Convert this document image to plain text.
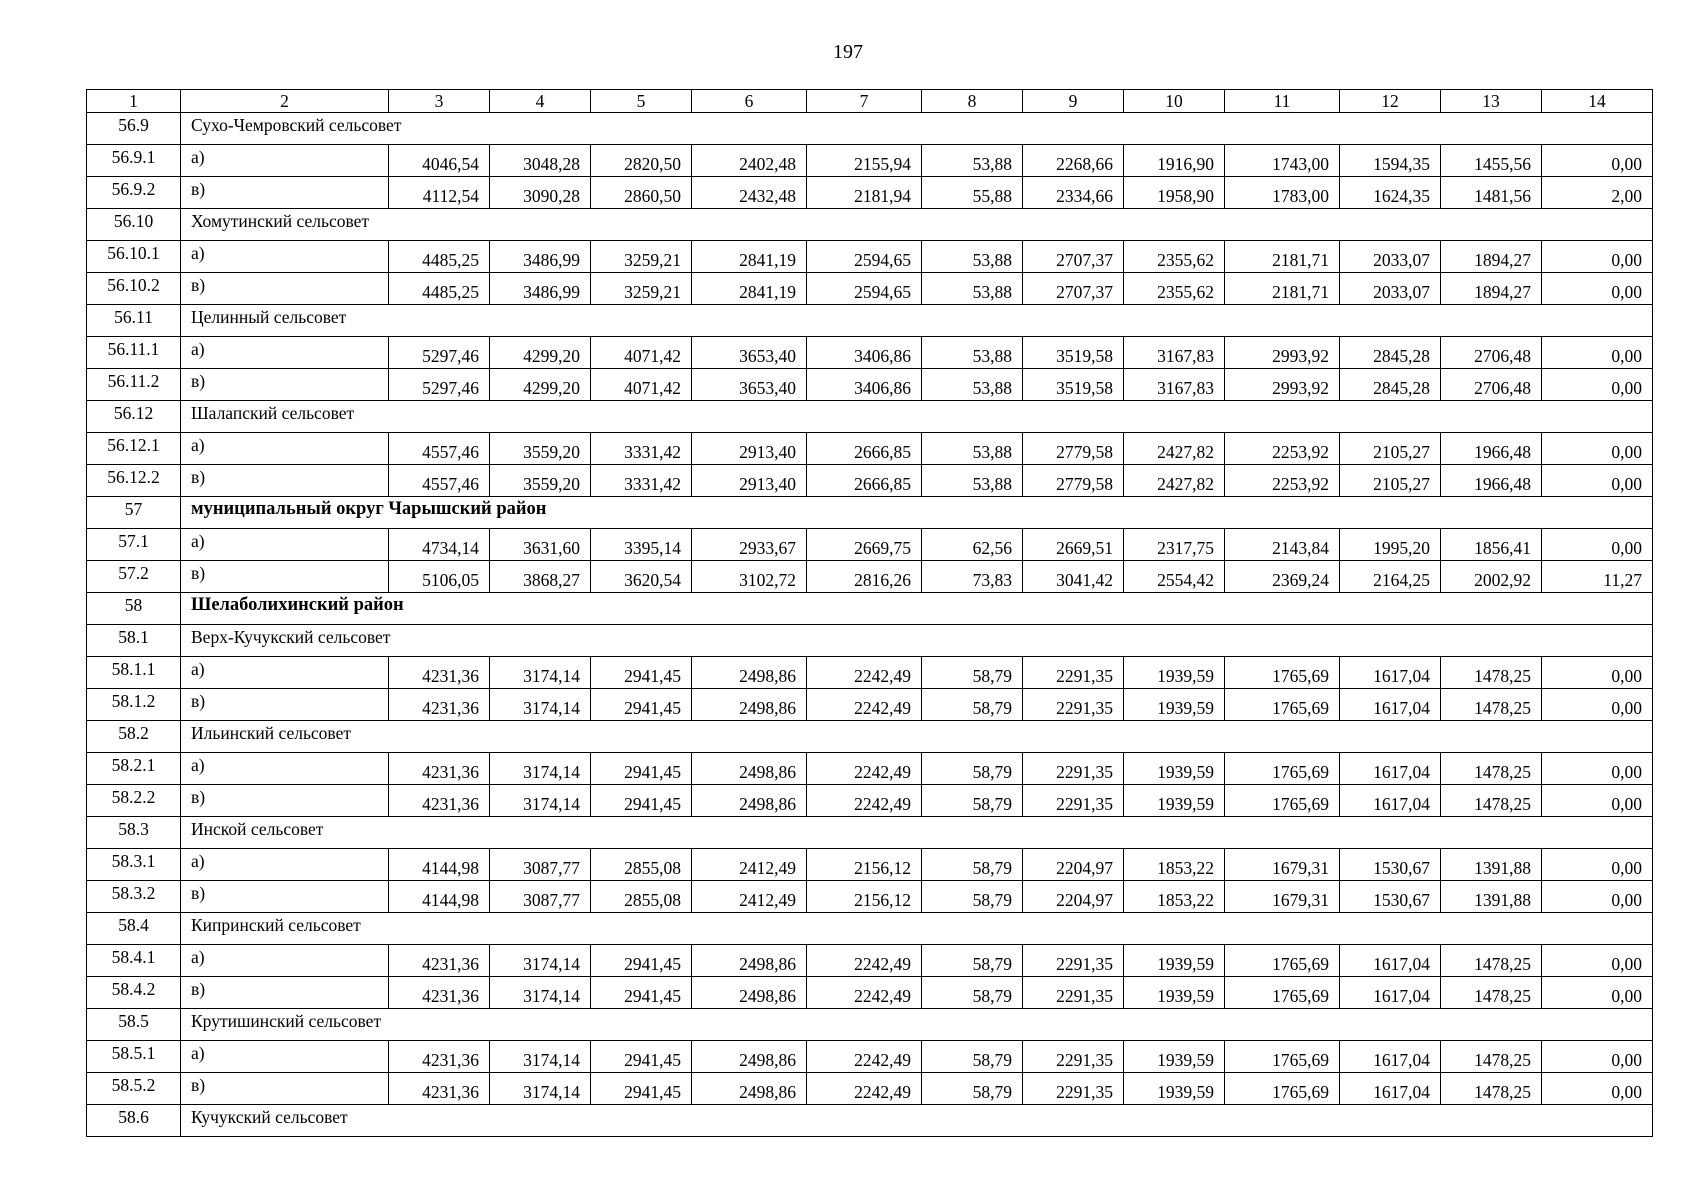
197
1	2	3	4	5	6	7	8	9	10	11	12	13	14
56.9	Сухо-Чемровский сельсовет												
56.9.1	а)	4046,54	3048,28	2820,50	2402,48	2155,94	53,88	2268,66	1916,90	1743,00	1594,35	1455,56	0,00
56.9.2	в)	4112,54	3090,28	2860,50	2432,48	2181,94	55,88	2334,66	1958,90	1783,00	1624,35	1481,56	2,00
56.10	Хомутинский сельсовет												
56.10.1	а)	4485,25	3486,99	3259,21	2841,19	2594,65	53,88	2707,37	2355,62	2181,71	2033,07	1894,27	0,00
56.10.2	в)	4485,25	3486,99	3259,21	2841,19	2594,65	53,88	2707,37	2355,62	2181,71	2033,07	1894,27	0,00
56.11	Целинный сельсовет												
56.11.1	а)	5297,46	4299,20	4071,42	3653,40	3406,86	53,88	3519,58	3167,83	2993,92	2845,28	2706,48	0,00
56.11.2	в)	5297,46	4299,20	4071,42	3653,40	3406,86	53,88	3519,58	3167,83	2993,92	2845,28	2706,48	0,00
56.12	Шалапский сельсовет												
56.12.1	а)	4557,46	3559,20	3331,42	2913,40	2666,85	53,88	2779,58	2427,82	2253,92	2105,27	1966,48	0,00
56.12.2	в)	4557,46	3559,20	3331,42	2913,40	2666,85	53,88	2779,58	2427,82	2253,92	2105,27	1966,48	0,00
57	муниципальный округ Чарышский район												
57.1	а)	4734,14	3631,60	3395,14	2933,67	2669,75	62,56	2669,51	2317,75	2143,84	1995,20	1856,41	0,00
57.2	в)	5106,05	3868,27	3620,54	3102,72	2816,26	73,83	3041,42	2554,42	2369,24	2164,25	2002,92	11,27
58	Шелаболихинский район												
58.1	Верх-Кучукский сельсовет												
58.1.1	а)	4231,36	3174,14	2941,45	2498,86	2242,49	58,79	2291,35	1939,59	1765,69	1617,04	1478,25	0,00
58.1.2	в)	4231,36	3174,14	2941,45	2498,86	2242,49	58,79	2291,35	1939,59	1765,69	1617,04	1478,25	0,00
58.2	Ильинский сельсовет												
58.2.1	а)	4231,36	3174,14	2941,45	2498,86	2242,49	58,79	2291,35	1939,59	1765,69	1617,04	1478,25	0,00
58.2.2	в)	4231,36	3174,14	2941,45	2498,86	2242,49	58,79	2291,35	1939,59	1765,69	1617,04	1478,25	0,00
58.3	Инской сельсовет												
58.3.1	а)	4144,98	3087,77	2855,08	2412,49	2156,12	58,79	2204,97	1853,22	1679,31	1530,67	1391,88	0,00
58.3.2	в)	4144,98	3087,77	2855,08	2412,49	2156,12	58,79	2204,97	1853,22	1679,31	1530,67	1391,88	0,00
58.4	Кипринский сельсовет												
58.4.1	а)	4231,36	3174,14	2941,45	2498,86	2242,49	58,79	2291,35	1939,59	1765,69	1617,04	1478,25	0,00
58.4.2	в)	4231,36	3174,14	2941,45	2498,86	2242,49	58,79	2291,35	1939,59	1765,69	1617,04	1478,25	0,00
58.5	Крутишинский сельсовет												
58.5.1	а)	4231,36	3174,14	2941,45	2498,86	2242,49	58,79	2291,35	1939,59	1765,69	1617,04	1478,25	0,00
58.5.2	в)	4231,36	3174,14	2941,45	2498,86	2242,49	58,79	2291,35	1939,59	1765,69	1617,04	1478,25	0,00
58.6	Кучукский сельсовет												
